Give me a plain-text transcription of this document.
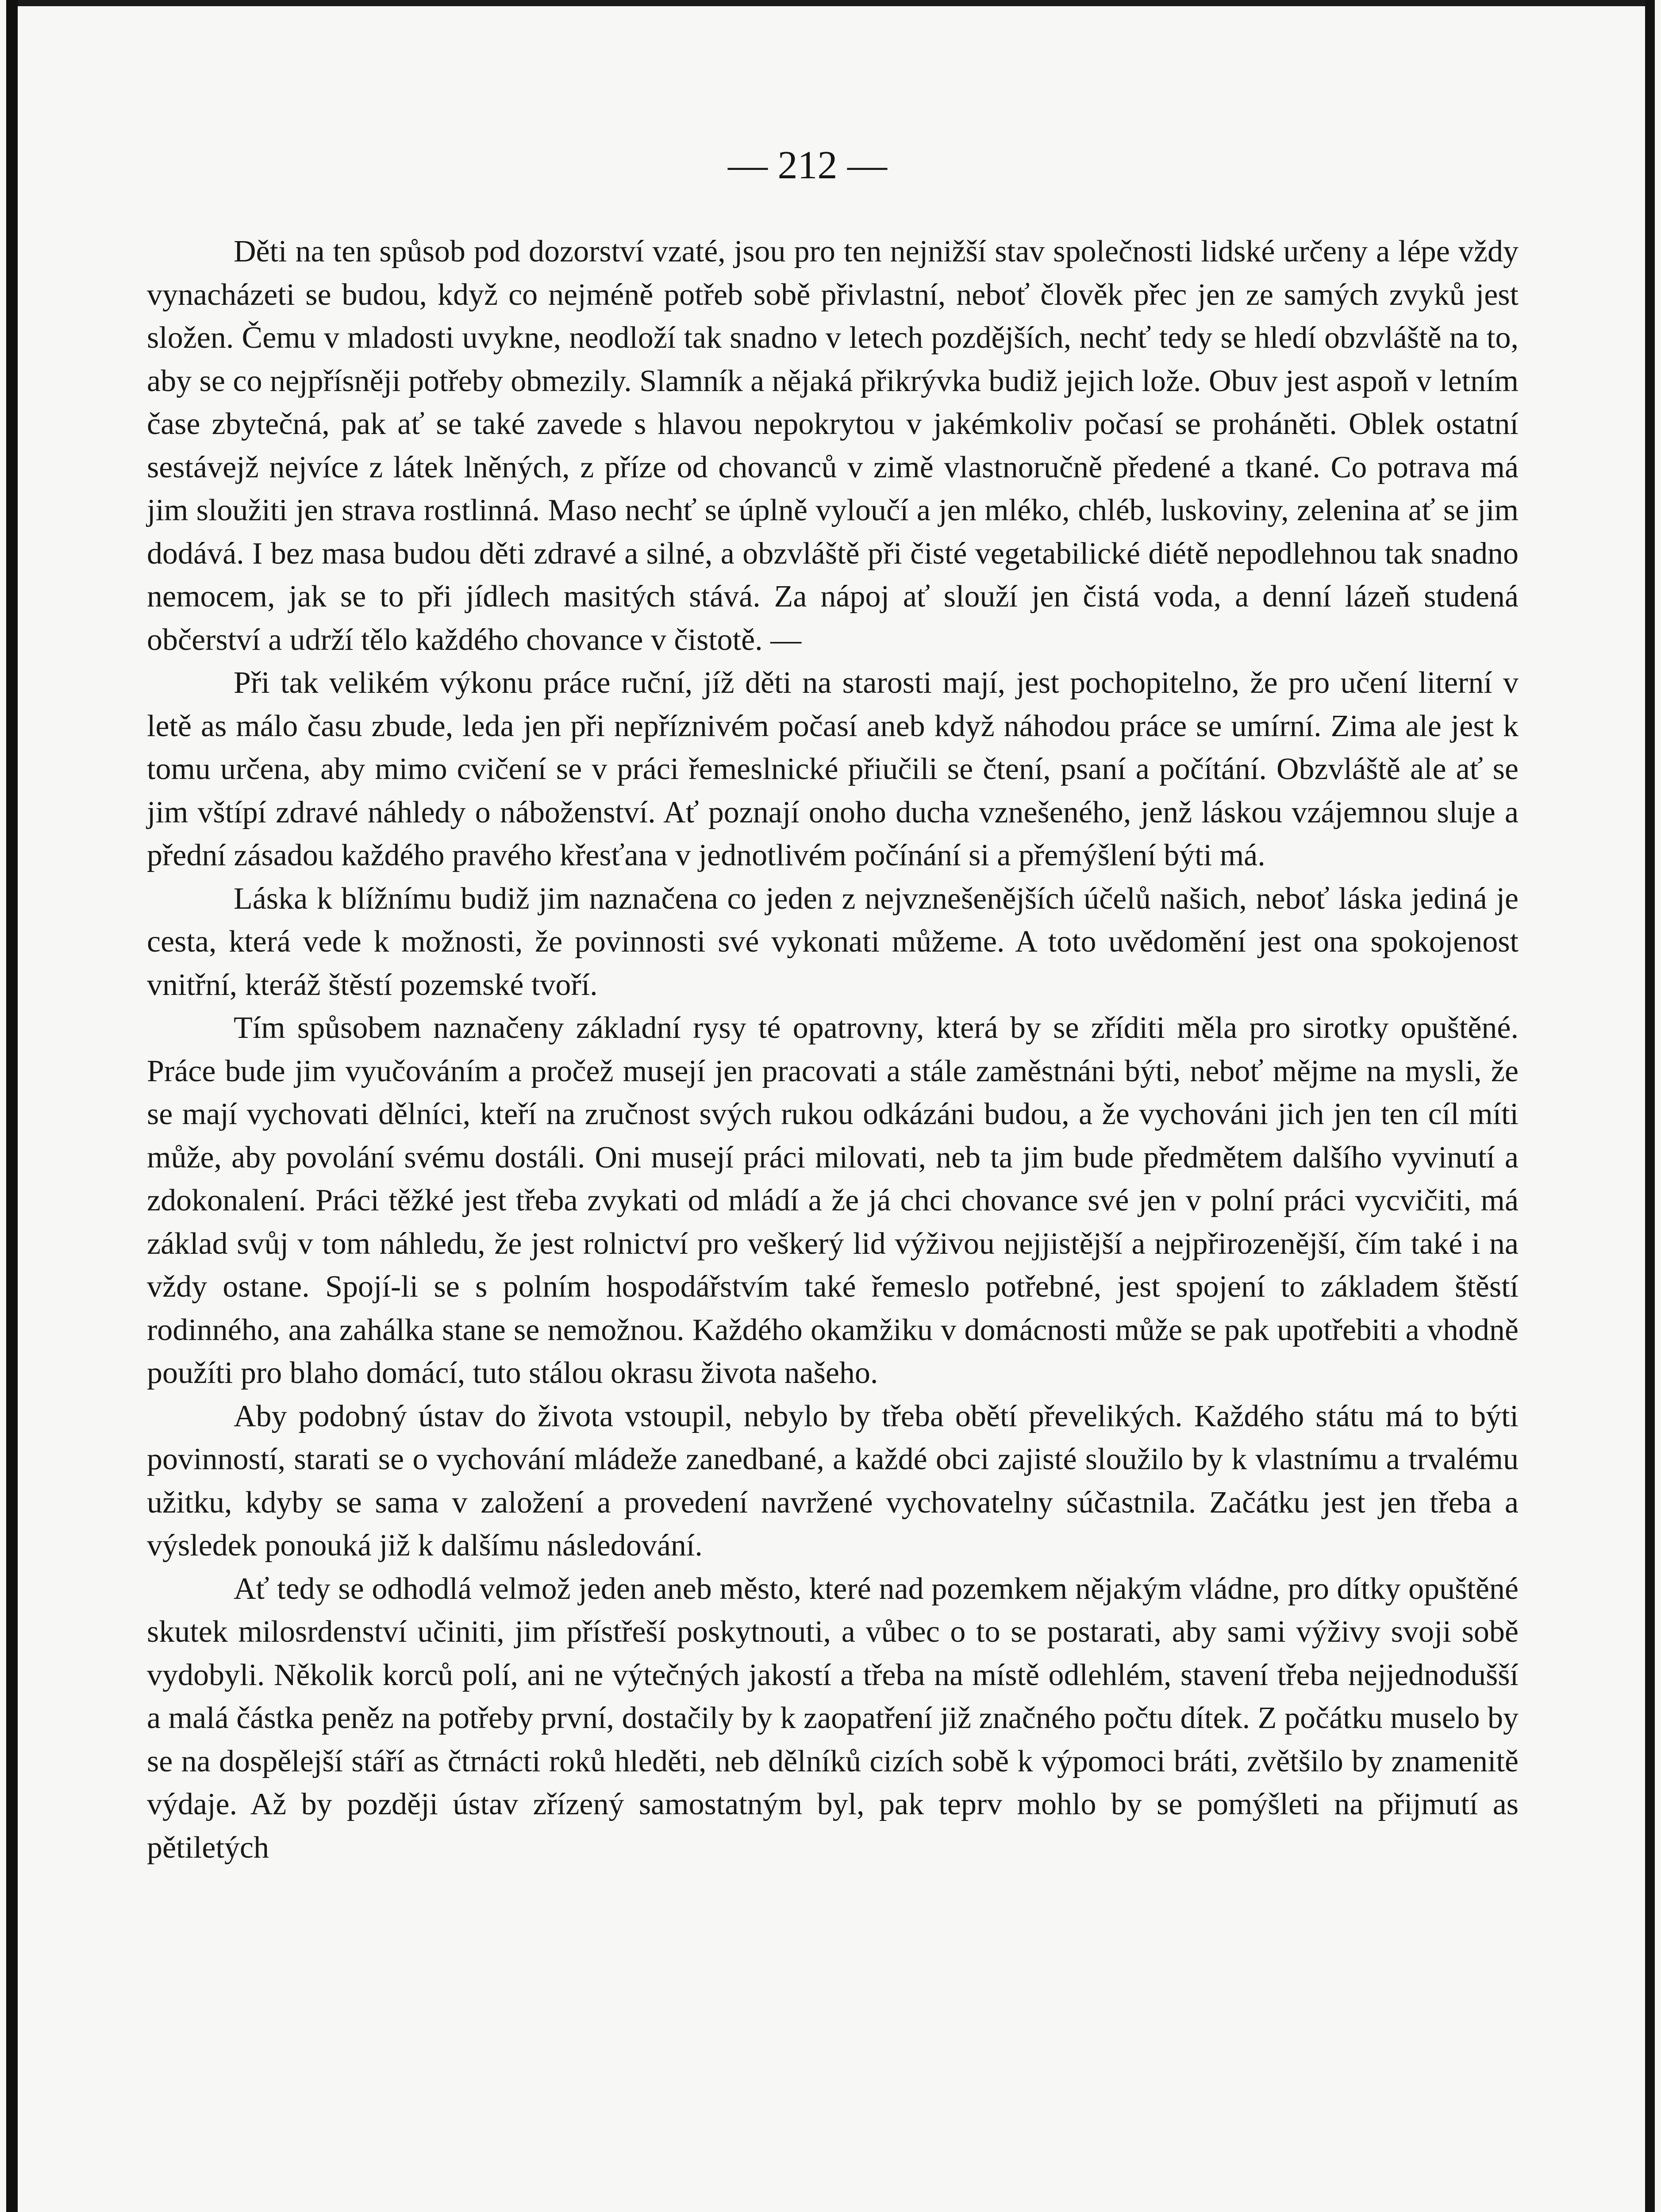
— 212 —

Děti na ten spůsob pod dozorství vzaté, jsou pro ten nejnižší stav společnosti lidské určeny a lépe vždy vynacházeti se budou, když co nejméně potřeb sobě přivlastní, neboť člověk přec jen ze samých zvyků jest složen. Čemu v mladosti uvykne, neodloží tak snadno v letech pozdějších, nechť tedy se hledí obzvláště na to, aby se co nejpřísněji potřeby obmezily. Slamník a nějaká přikrývka budiž jejich lože. Obuv jest aspoň v letním čase zbytečná, pak ať se také zavede s hlavou nepokrytou v jakémkoliv počasí se proháněti. Oblek ostatní sestávejž nejvíce z látek lněných, z příze od chovanců v zimě vlastnoručně předené a tkané. Co potrava má jim sloužiti jen strava rostlinná. Maso nechť se úplně vyloučí a jen mléko, chléb, luskoviny, zelenina ať se jim dodává. I bez masa budou děti zdravé a silné, a obzvláště při čisté vegetabilické diétě nepodlehnou tak snadno nemocem, jak se to při jídlech masitých stává. Za nápoj ať slouží jen čistá voda, a denní lázeň studená občerství a udrží tělo každého chovance v čistotě. —

Při tak velikém výkonu práce ruční, jíž děti na starosti mají, jest pochopitelno, že pro učení literní v letě as málo času zbude, leda jen při nepříznivém počasí aneb když náhodou práce se umírní. Zima ale jest k tomu určena, aby mimo cvičení se v práci řemeslnické přiučili se čtení, psaní a počítání. Obzvláště ale ať se jim vštípí zdravé náhledy o náboženství. Ať poznají onoho ducha vznešeného, jenž láskou vzájemnou sluje a přední zásadou každého pravého křesťana v jednotlivém počínání si a přemýšlení býti má.

Láska k blížnímu budiž jim naznačena co jeden z nejvznešenějších účelů našich, neboť láska jediná je cesta, která vede k možnosti, že povinnosti své vykonati můžeme. A toto uvědomění jest ona spokojenost vnitřní, kteráž štěstí pozemské tvoří.

Tím spůsobem naznačeny základní rysy té opatrovny, která by se zříditi měla pro sirotky opuštěné. Práce bude jim vyučováním a pročež musejí jen pracovati a stále zaměstnáni býti, neboť mějme na mysli, že se mají vychovati dělníci, kteří na zručnost svých rukou odkázáni budou, a že vychováni jich jen ten cíl míti může, aby povolání svému dostáli. Oni musejí práci milovati, neb ta jim bude předmětem dalšího vyvinutí a zdokonalení. Práci těžké jest třeba zvykati od mládí a že já chci chovance své jen v polní práci vycvičiti, má základ svůj v tom náhledu, že jest rolnictví pro veškerý lid výživou nejjistější a nejpřirozenější, čím také i na vždy ostane. Spojí-li se s polním hospodářstvím také řemeslo potřebné, jest spojení to základem štěstí rodinného, ana zahálka stane se nemožnou. Každého okamžiku v domácnosti může se pak upotřebiti a vhodně použíti pro blaho domácí, tuto stálou okrasu života našeho.

Aby podobný ústav do života vstoupil, nebylo by třeba obětí převelikých. Každého státu má to býti povinností, starati se o vychování mládeže zanedbané, a každé obci zajisté sloužilo by k vlastnímu a trvalému užitku, kdyby se sama v založení a provedení navržené vychovatelny súčastnila. Začátku jest jen třeba a výsledek ponouká již k dalšímu následování.

Ať tedy se odhodlá velmož jeden aneb město, které nad pozemkem nějakým vládne, pro dítky opuštěné skutek milosrdenství učiniti, jim přístřeší poskytnouti, a vůbec o to se postarati, aby sami výživy svoji sobě vydobyli. Několik korců polí, ani ne výtečných jakostí a třeba na místě odlehlém, stavení třeba nejjednodušší a malá částka peněz na potřeby první, dostačily by k zaopatření již značného počtu dítek. Z počátku muselo by se na dospělejší stáří as čtrnácti roků hleděti, neb dělníků cizích sobě k výpomoci bráti, zvětšilo by znamenitě výdaje. Až by později ústav zřízený samostatným byl, pak teprv mohlo by se pomýšleti na přijmutí as pětiletých
